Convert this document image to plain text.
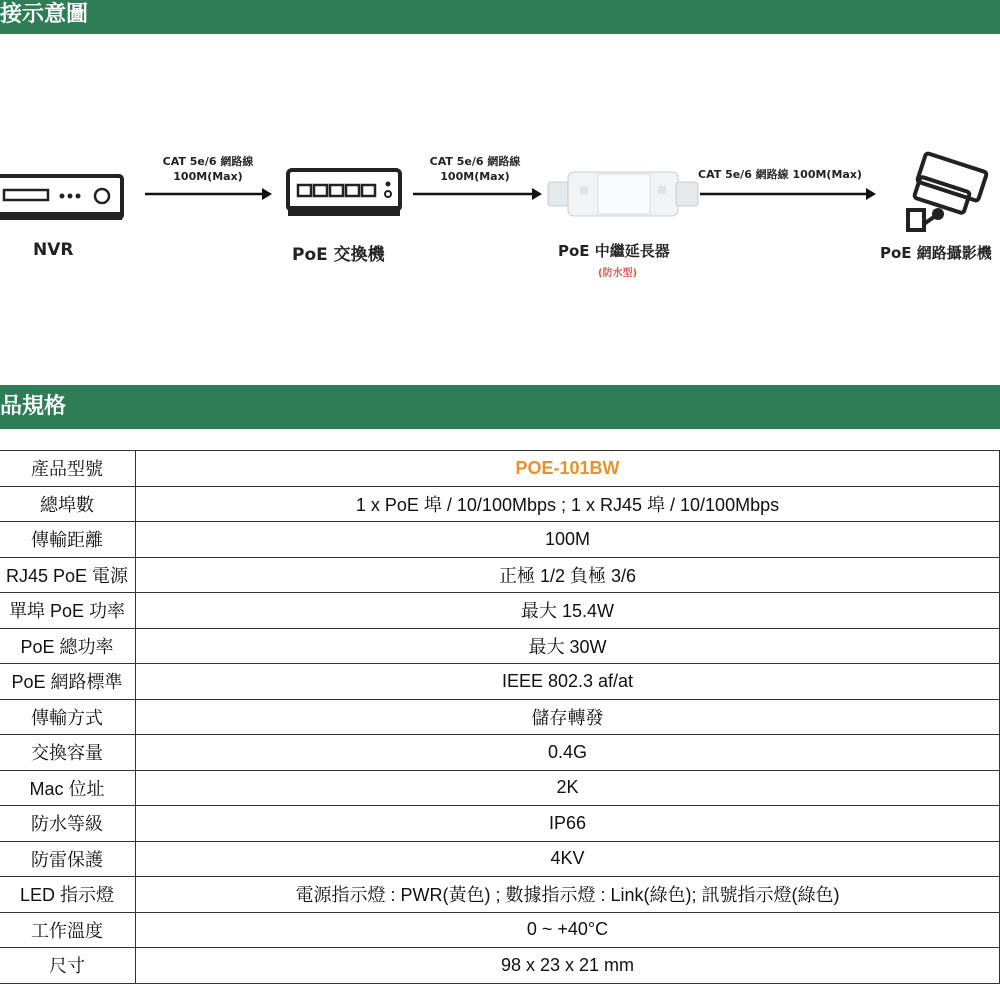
接示意圖
CAT 5e/6 網路線
100M(Max)
CAT 5e/6 網路線
100M(Max)	CAT 5e/6 網路線 100M(Max)
NVR	PoE 交換機	PoE 中繼延長器
(防水型)
PoE 網路攝影機
品規格
產品型號	POE-101BW
總埠數	1 x PoE 埠 / 10/100Mbps ; 1 x RJ45 埠 / 10/100Mbps
傳輸距離	100M
RJ45 PoE 電源	正極 1/2 負極 3/6
單埠 PoE 功率	最大 15.4W
PoE 總功率	最大 30W
PoE 網路標準	IEEE 802.3 af/at
傳輸方式	儲存轉發
交換容量	0.4G
Mac 位址	2K
防水等級	IP66
防雷保護	4KV
LED 指示燈	電源指示燈 : PWR(黃色) ; 數據指示燈 : Link(綠色); 訊號指示燈(綠色)
工作溫度	0 ~ +40°C
尺寸	98 x 23 x 21 mm
